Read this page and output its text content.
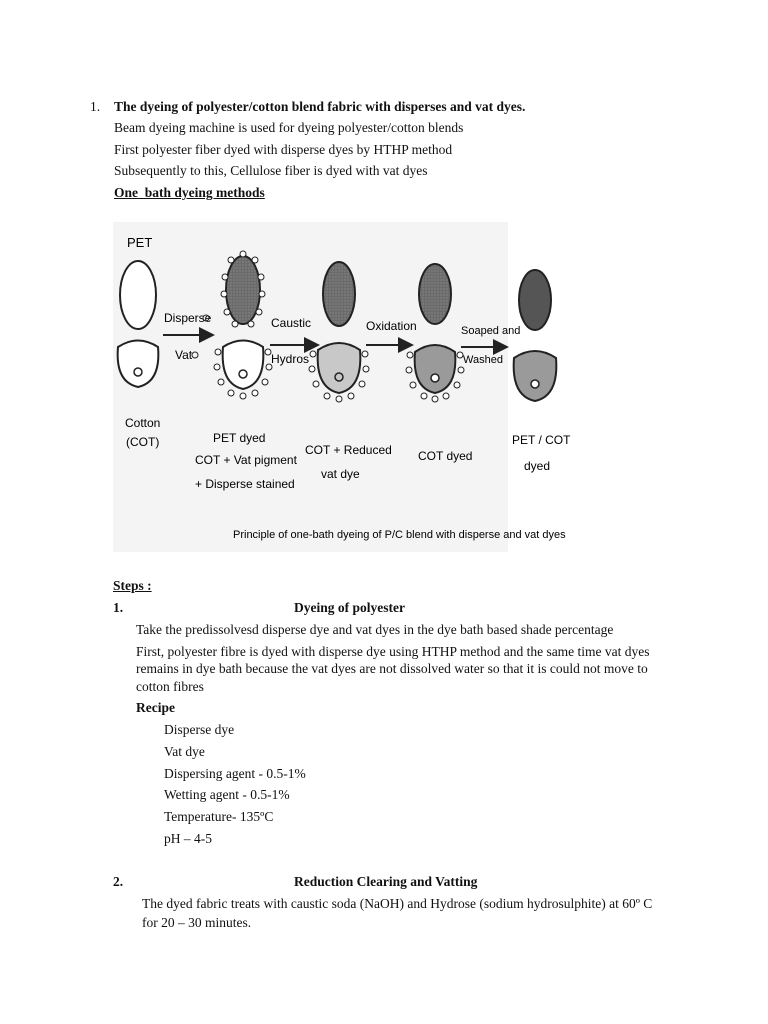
1. The dyeing of polyester/cotton blend fabric with disperses and vat dyes.
Beam dyeing machine is used for dyeing polyester/cotton blends
First polyester fiber dyed with disperse dyes by HTHP method
Subsequently to this, Cellulose fiber is dyed with vat dyes
One  bath dyeing methods
PET
Cotton
(COT)
Disperse
Vat
PET dyed
COT + Vat pigment
+ Disperse stained
Caustic
Hydros
COT + Reduced
vat dye
Oxidation
COT dyed
Soaped and
Washed
Principle of one-bath dyeing of P/C blend with disperse and vat dyes
PET / COT
dyed
Steps :
1.	Dyeing of polyester
Take the predissolvesd disperse dye and vat dyes in the dye bath based shade percentage
First, polyester fibre is dyed with disperse dye using HTHP method and the same time vat dyes
remains in dye bath because the vat dyes are not dissolved water so that it is could not move to
cotton fibres
Recipe
Disperse dye
Vat dye
Dispersing agent - 0.5-1%
Wetting agent - 0.5-1%
Temperature- 135ºC
pH – 4-5
2.	Reduction Clearing and Vatting
The dyed fabric treats with caustic soda (NaOH) and Hydrose (sodium hydrosulphite) at 60º C
for 20 – 30 minutes.
